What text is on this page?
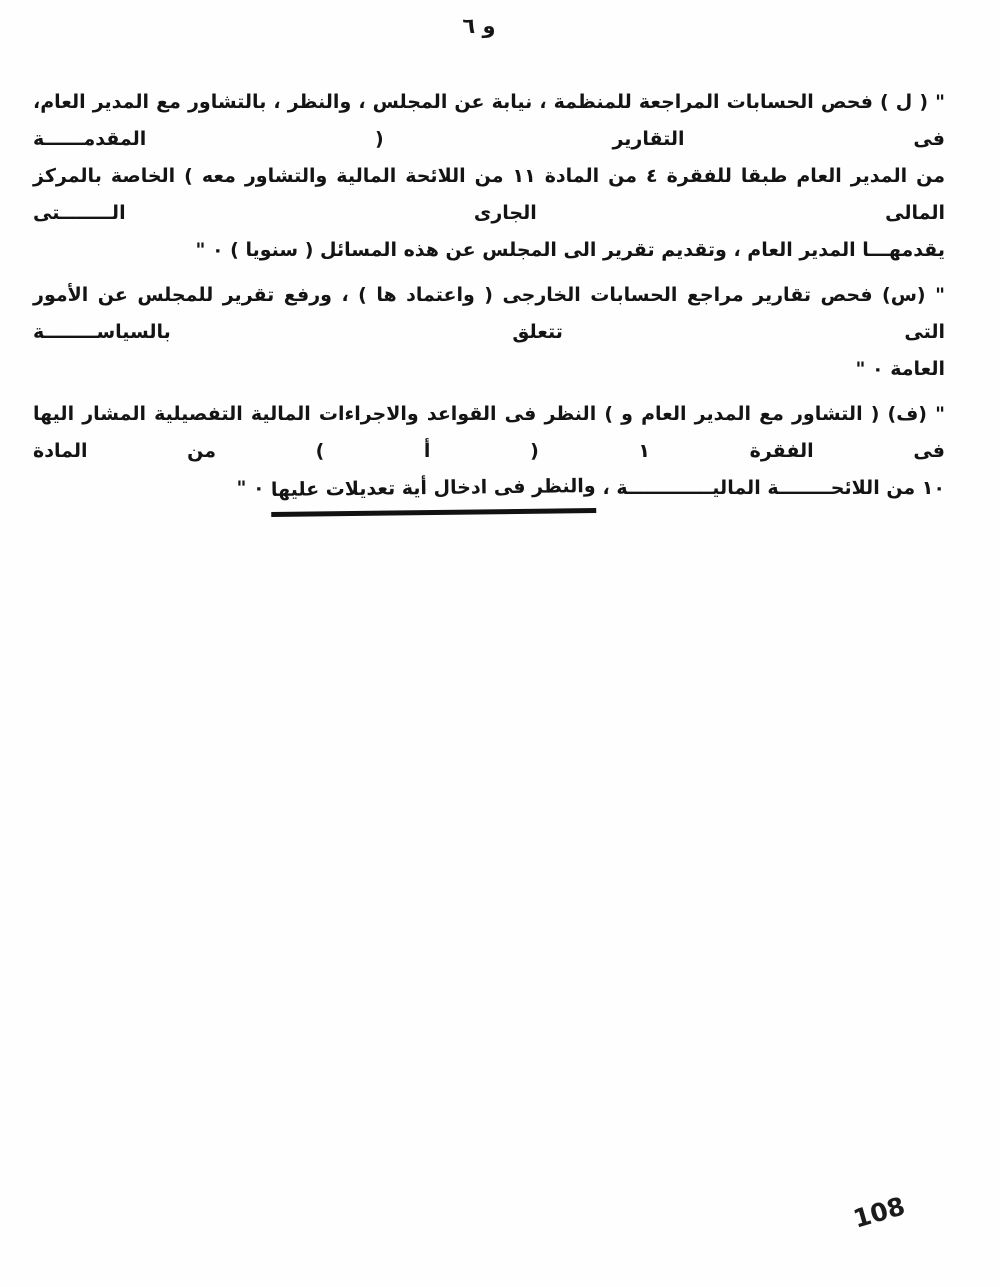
و ٦

" ( ل ) فحص الحسابات المراجعة للمنظمة ، نيابة عن المجلس ، والنظر ، بالتشاور مع المدير العام، فى التقارير ( المقدمــــــة
من المدير العام طبقا للفقرة ٤ من المادة ١١ من اللائحة المالية والتشاور معه ) الخاصة بالمركز المالى الجارى الــــــــتى
يقدمهـــا المدير العام ، وتقديم تقرير الى المجلس عن هذه المسائل ( سنويا ) ٠ "

" (س) فحص تقارير مراجع الحسابات الخارجى ( واعتماد ها ) ، ورفع تقرير للمجلس عن الأمور التى تتعلق بالسياســــــــة
العامة ٠ "

" (ف) ( التشاور مع المدير العام و ) النظر فى القواعد والاجراءات المالية التفصيلية المشار اليها فى الفقرة ١ ( أ ) من المادة
١٠ من اللائحــــــــة الماليـــــــــــــة ، والنظر فى ادخال أية تعديلات عليها ٠ "

108
